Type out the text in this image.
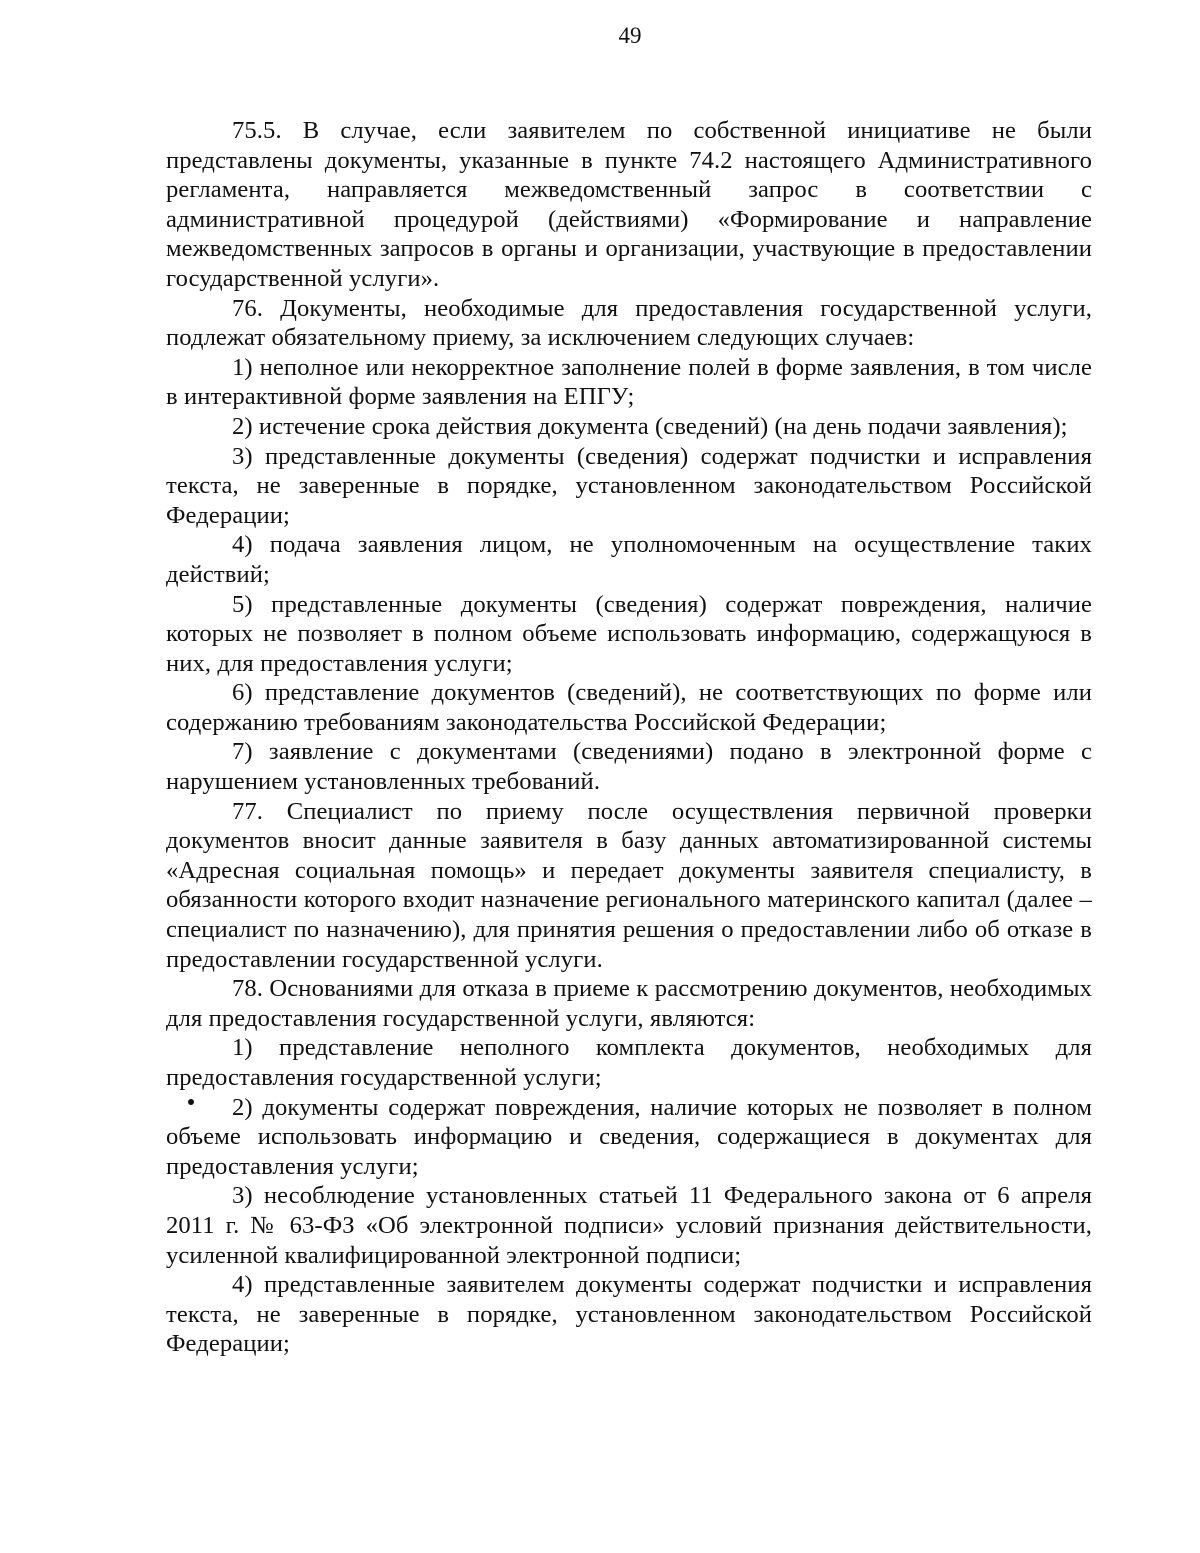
49

75.5. В случае, если заявителем по собственной инициативе не были представлены документы, указанные в пункте 74.2 настоящего Административного регламента, направляется межведомственный запрос в соответствии с административной процедурой (действиями) «Формирование и направление межведомственных запросов в органы и организации, участвующие в предоставлении государственной услуги».

76. Документы, необходимые для предоставления государственной услуги, подлежат обязательному приему, за исключением следующих случаев:

1) неполное или некорректное заполнение полей в форме заявления, в том числе в интерактивной форме заявления на ЕПГУ;

2) истечение срока действия документа (сведений) (на день подачи заявления);

3) представленные документы (сведения) содержат подчистки и исправления текста, не заверенные в порядке, установленном законодательством Российской Федерации;

4) подача заявления лицом, не уполномоченным на осуществление таких действий;

5) представленные документы (сведения) содержат повреждения, наличие которых не позволяет в полном объеме использовать информацию, содержащуюся в них, для предоставления услуги;

6) представление документов (сведений), не соответствующих по форме или содержанию требованиям законодательства Российской Федерации;

7) заявление с документами (сведениями) подано в электронной форме с нарушением установленных требований.

77. Специалист по приему после осуществления первичной проверки документов вносит данные заявителя в базу данных автоматизированной системы «Адресная социальная помощь» и передает документы заявителя специалисту, в обязанности которого входит назначение регионального материнского капитал (далее – специалист по назначению), для принятия решения о предоставлении либо об отказе в предоставлении государственной услуги.

78. Основаниями для отказа в приеме к рассмотрению документов, необходимых для предоставления государственной услуги, являются:

1) представление неполного комплекта документов, необходимых для предоставления государственной услуги;

2) документы содержат повреждения, наличие которых не позволяет в полном объеме использовать информацию и сведения, содержащиеся в документах для предоставления услуги;

3) несоблюдение установленных статьей 11 Федерального закона от 6 апреля 2011 г. № 63-ФЗ «Об электронной подписи» условий признания действительности, усиленной квалифицированной электронной подписи;

4) представленные заявителем документы содержат подчистки и исправления текста, не заверенные в порядке, установленном законодательством Российской Федерации;
